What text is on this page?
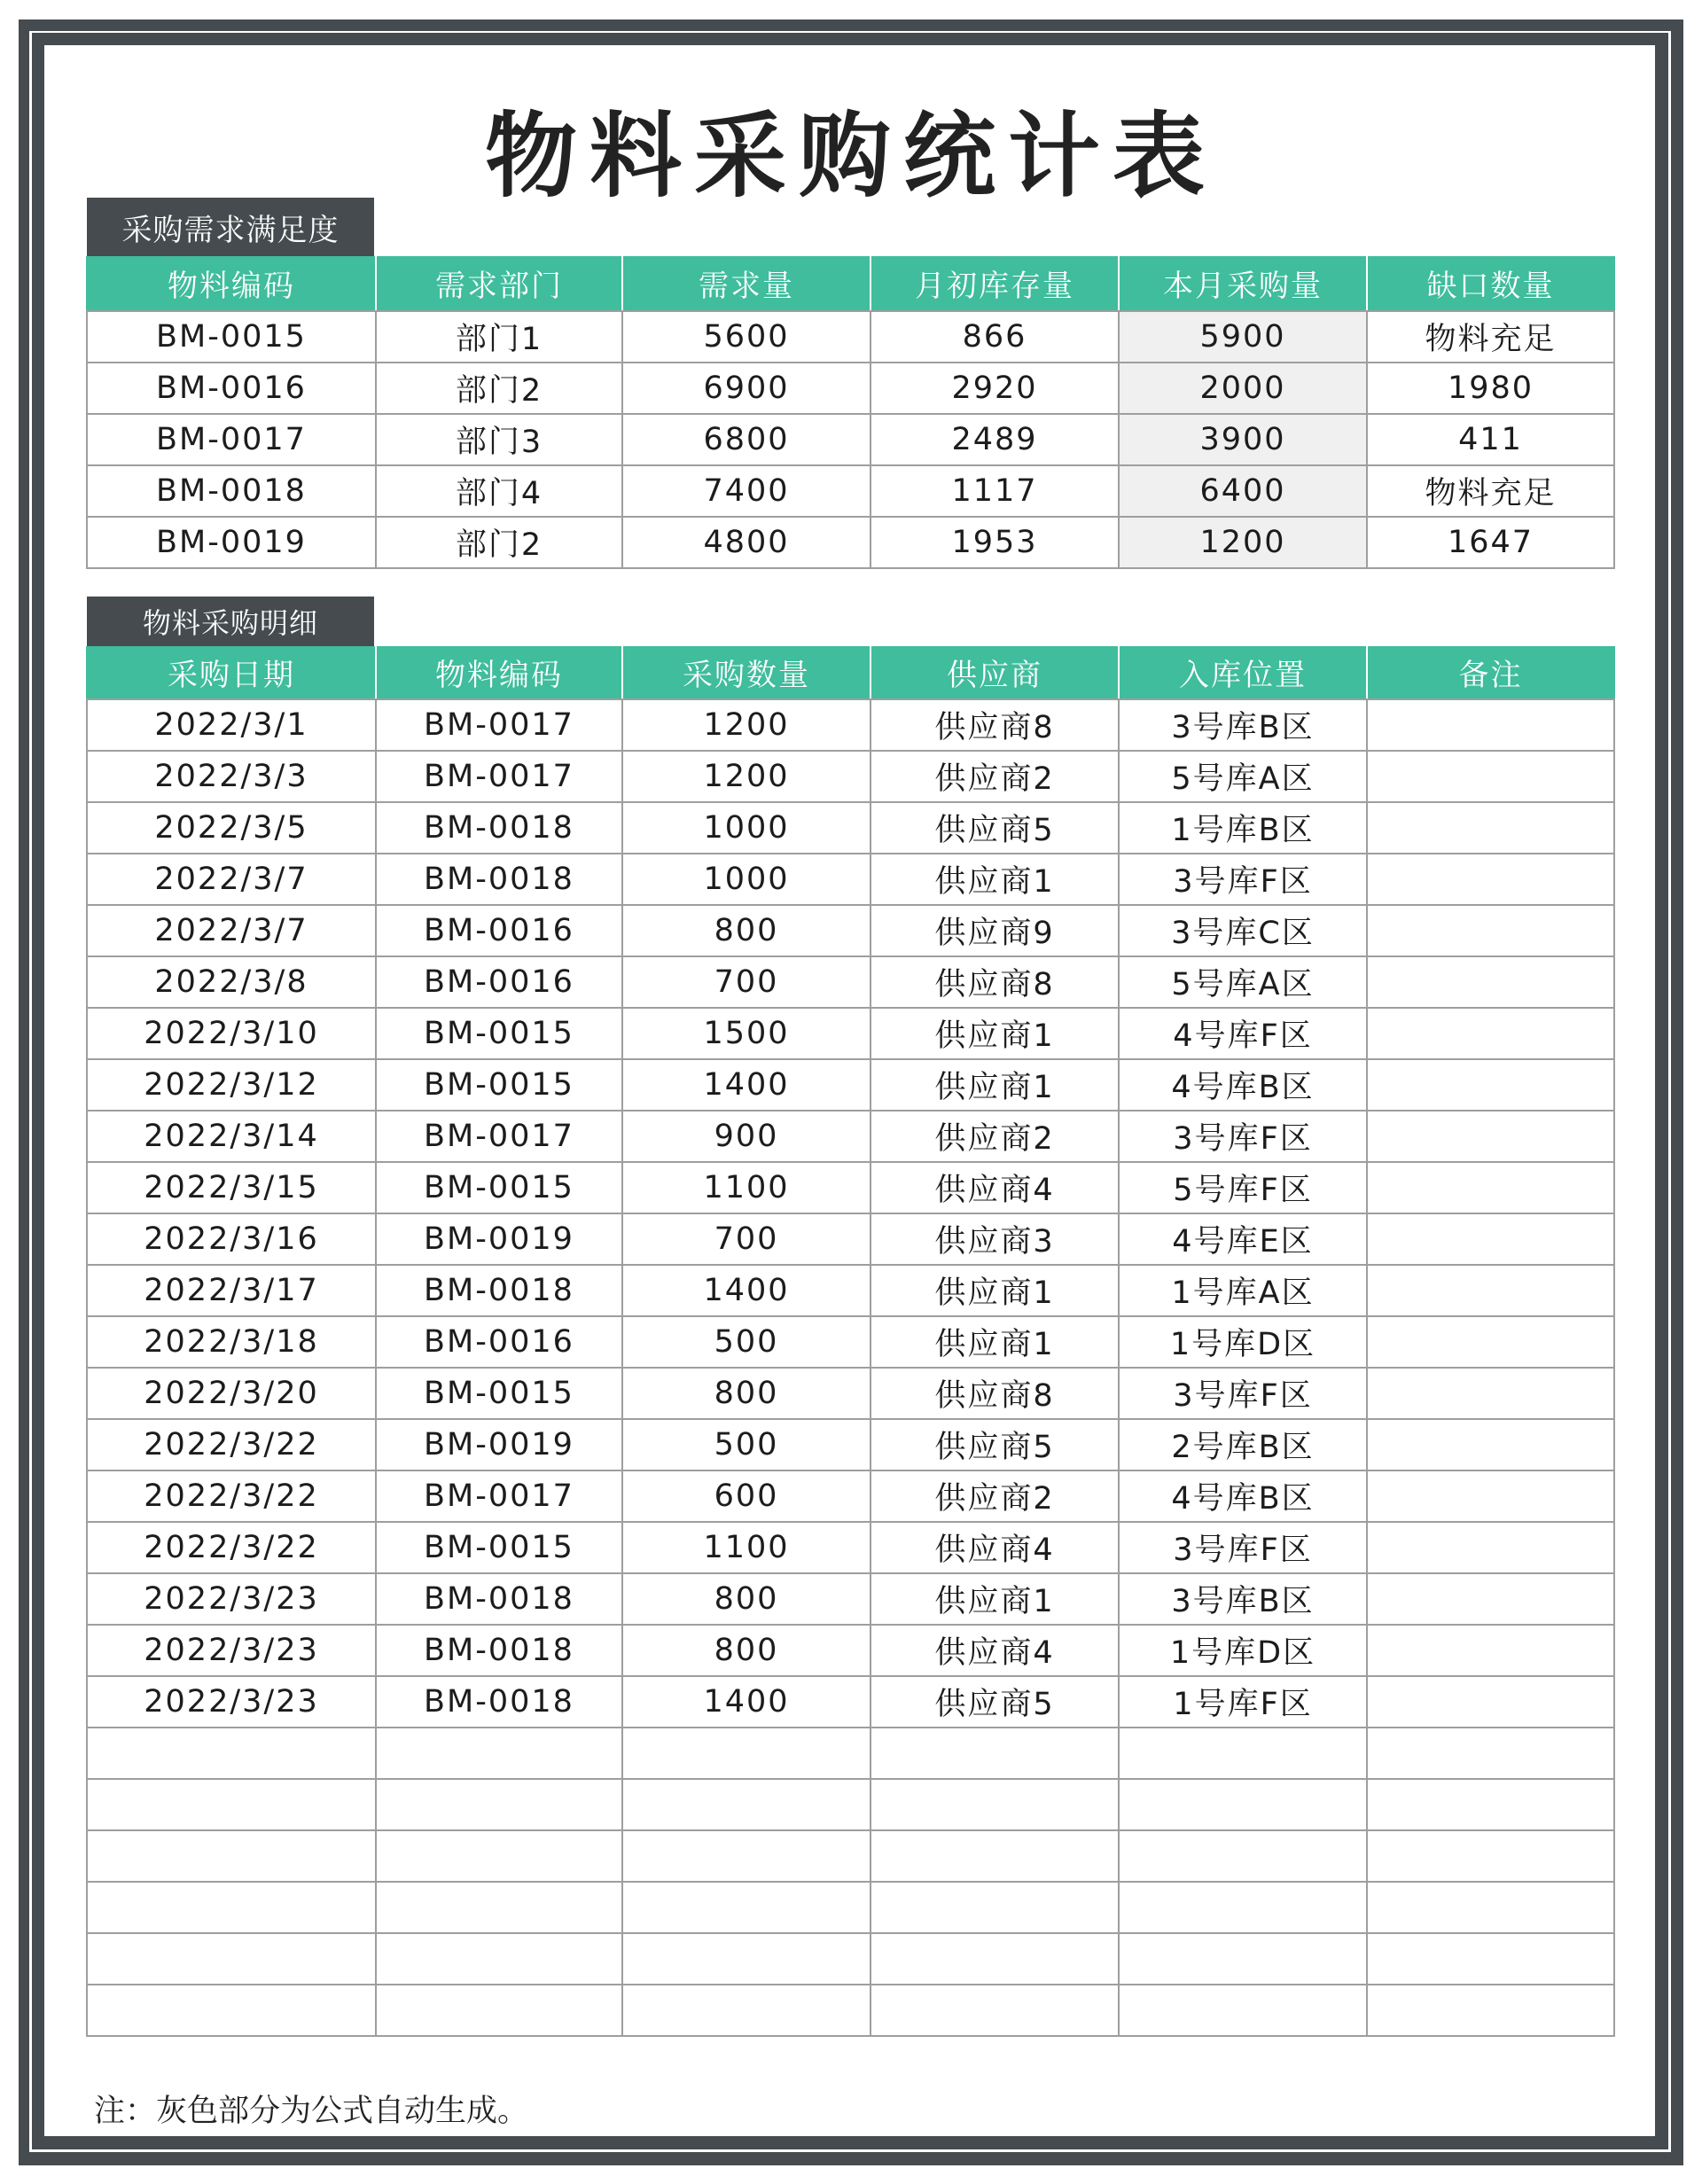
物料采购统计表
采购需求满足度
物料编码	需求部门	需求量	月初库存量	本月采购量	缺口数量
BM-0015	部门1	5600	866	5900	物料充足
BM-0016	部门2	6900	2920	2000	1980
BM-0017	部门3	6800	2489	3900	411
BM-0018	部门4	7400	1117	6400	物料充足
BM-0019	部门2	4800	1953	1200	1647
物料采购明细
采购日期	物料编码	采购数量	供应商	入库位置	备注
2022/3/1	BM-0017	1200	供应商8	3号库B区	
2022/3/3	BM-0017	1200	供应商2	5号库A区	
2022/3/5	BM-0018	1000	供应商5	1号库B区	
2022/3/7	BM-0018	1000	供应商1	3号库F区	
2022/3/7	BM-0016	800	供应商9	3号库C区	
2022/3/8	BM-0016	700	供应商8	5号库A区	
2022/3/10	BM-0015	1500	供应商1	4号库F区	
2022/3/12	BM-0015	1400	供应商1	4号库B区	
2022/3/14	BM-0017	900	供应商2	3号库F区	
2022/3/15	BM-0015	1100	供应商4	5号库F区	
2022/3/16	BM-0019	700	供应商3	4号库E区	
2022/3/17	BM-0018	1400	供应商1	1号库A区	
2022/3/18	BM-0016	500	供应商1	1号库D区	
2022/3/20	BM-0015	800	供应商8	3号库F区	
2022/3/22	BM-0019	500	供应商5	2号库B区	
2022/3/22	BM-0017	600	供应商2	4号库B区	
2022/3/22	BM-0015	1100	供应商4	3号库F区	
2022/3/23	BM-0018	800	供应商1	3号库B区	
2022/3/23	BM-0018	800	供应商4	1号库D区	
2022/3/23	BM-0018	1400	供应商5	1号库F区	

注：灰色部分为公式自动生成。
